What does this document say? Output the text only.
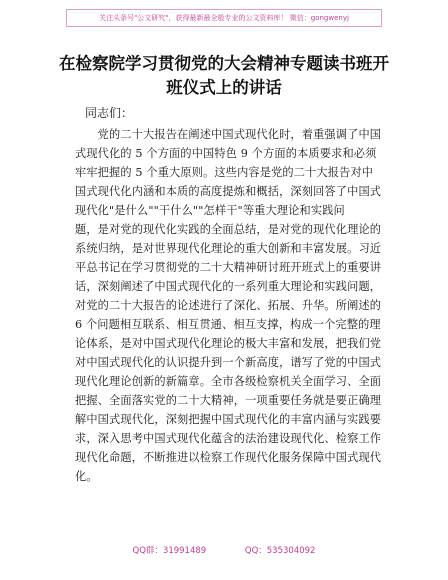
关注头条号"公文研究"，获得最新最全般专业的公文资料库！ 微信：gongwenyj
在检察院学习贯彻党的大会精神专题读书班开
班仪式上的讲话
同志们：
　　党的二十大报告在阐述中国式现代化时，着重强调了中国
式现代化的 5 个方面的中国特色 9 个方面的本质要求和必须
牢牢把握的 5 个重大原则。这些内容是党的二十大报告对中
国式现代化内涵和本质的高度提炼和概括，深刻回答了中国式
现代化"是什么""干什么""怎样干"等重大理论和实践问
题，是对党的现代化实践的全面总结，是对党的现代化理论的
系统归纳，是对世界现代化理论的重大创新和丰富发展。习近
平总书记在学习贯彻党的二十大精神研讨班开班式上的重要讲
话，深刻阐述了中国式现代化的一系列重大理论和实践问题，
对党的二十大报告的论述进行了深化、拓展、升华。所阐述的
6 个问题相互联系、相互贯通、相互支撑，构成一个完整的理
论体系，是对中国式现代化理论的极大丰富和发展，把我们党
对中国式现代化的认识提升到一个新高度，谱写了党的中国式
现代化理论创新的新篇章。全市各级检察机关全面学习、全面
把握、全面落实党的二十大精神，一项重要任务就是要正确理
解中国式现代化，深刻把握中国式现代化的丰富内涵与实践要
求，深入思考中国式现代化蕴含的法治建设现代化、检察工作
现代化命题，不断推进以检察工作现代化服务保障中国式现代
化。
QQ群：31991489	QQ：535304092
